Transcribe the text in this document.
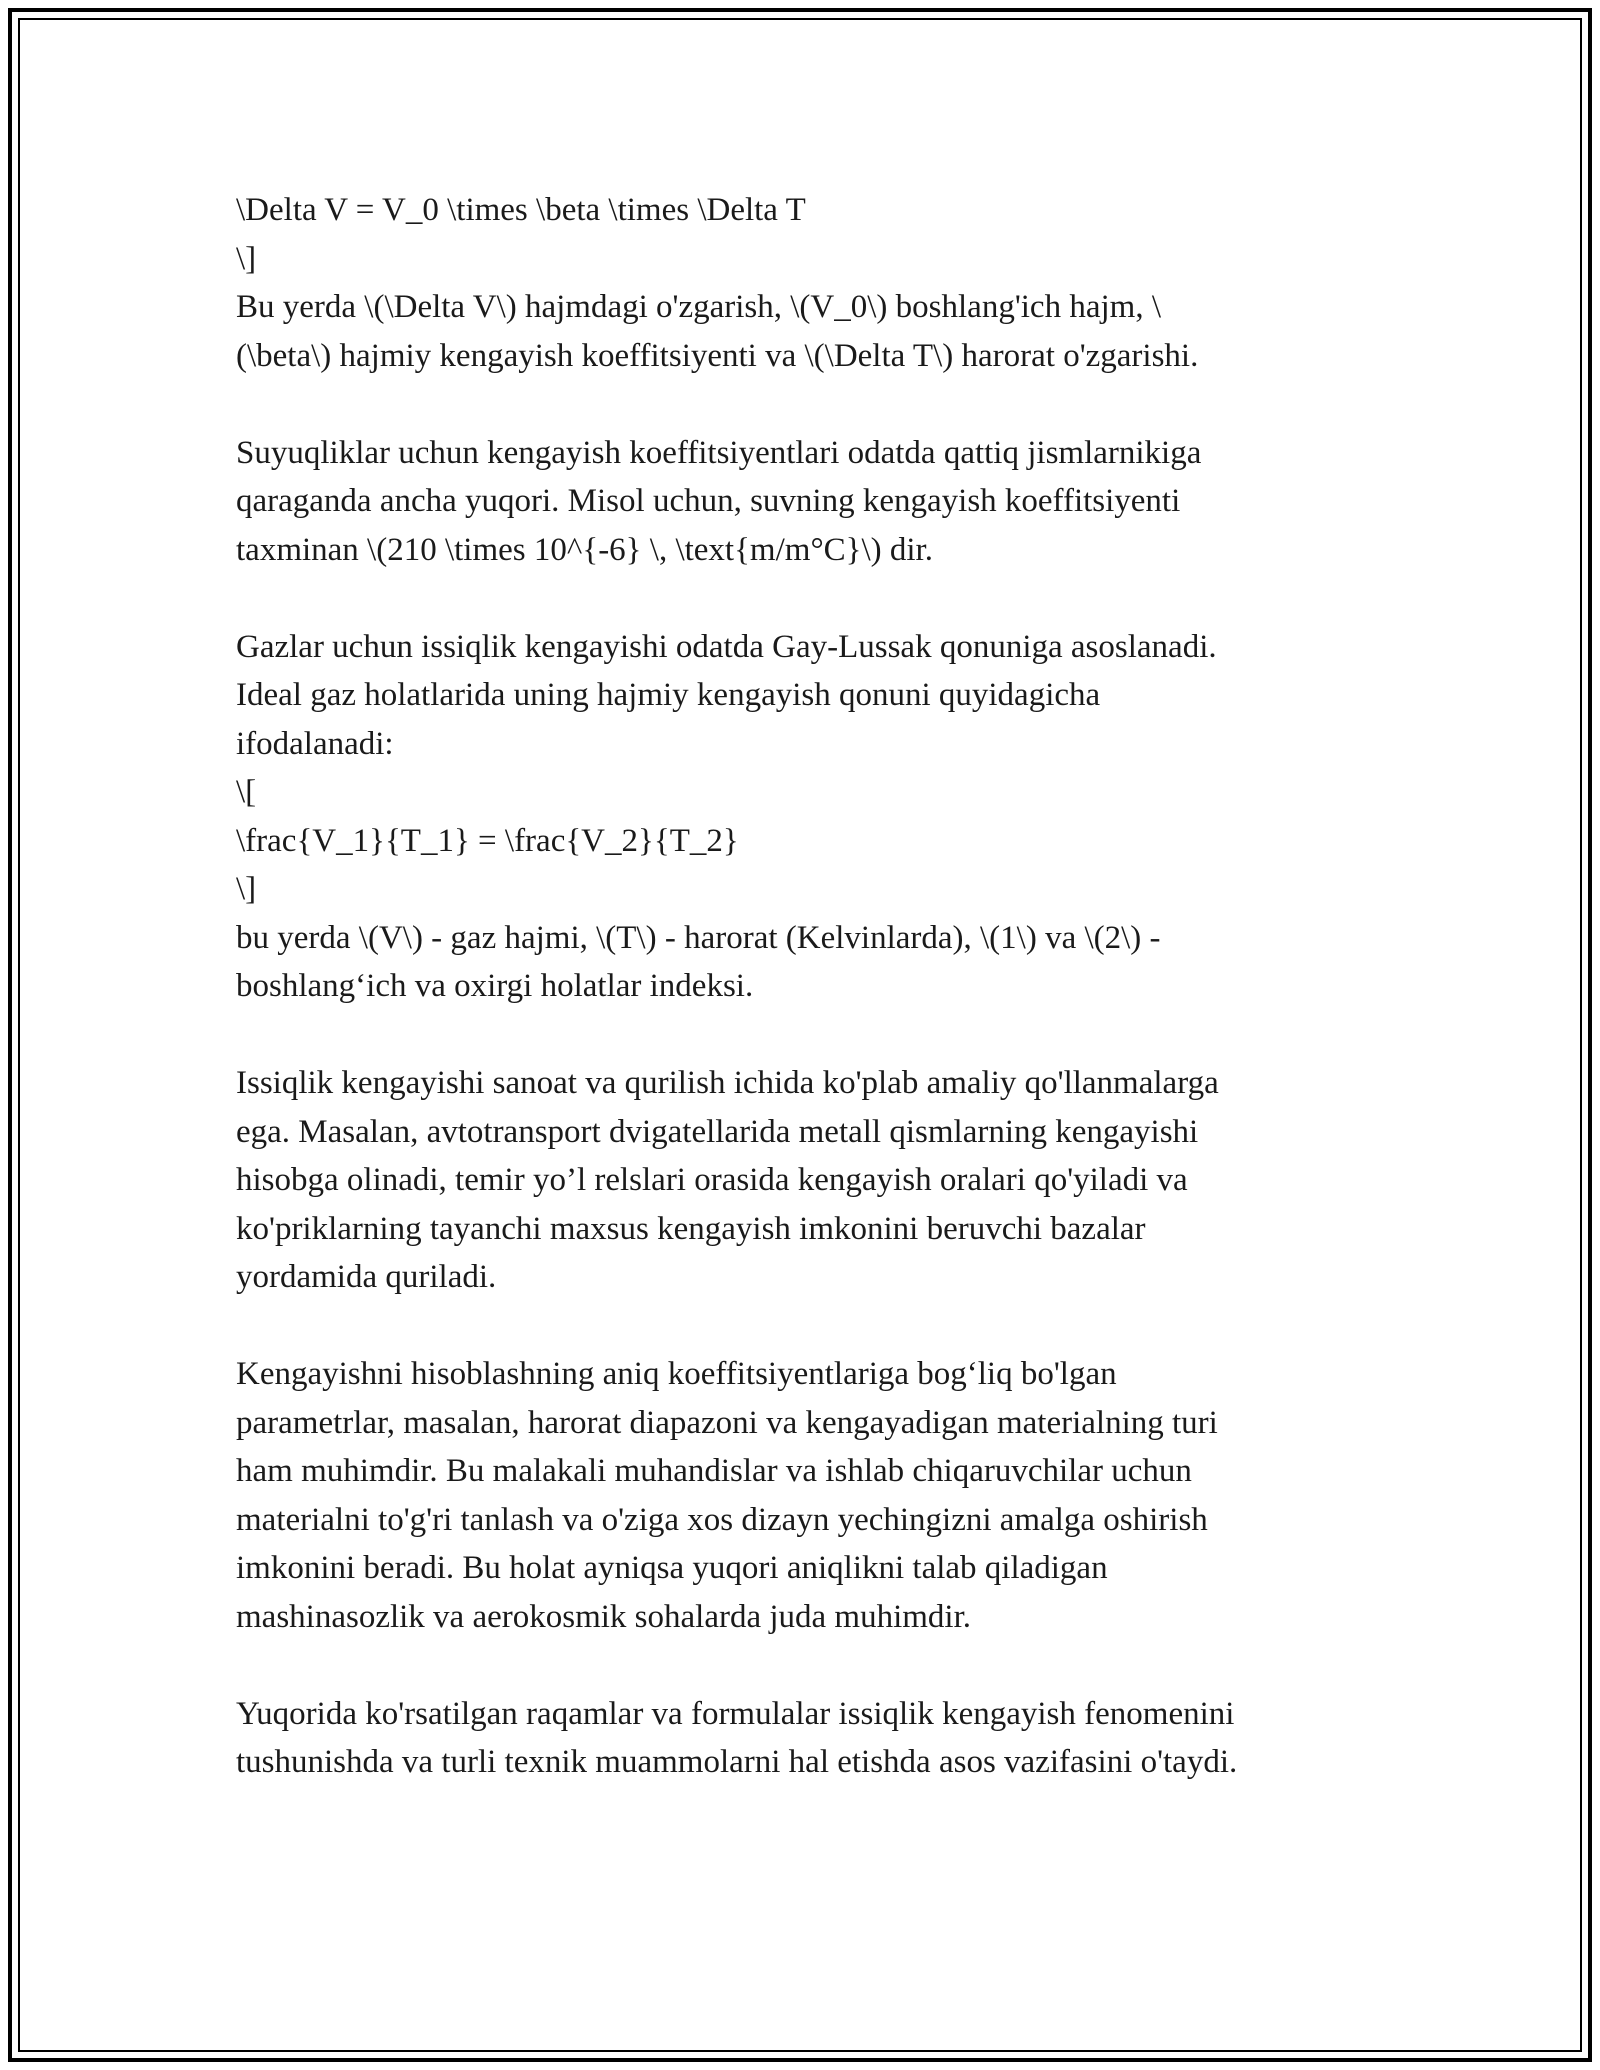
\Delta V = V_0 \times \beta \times \Delta T
\]
Bu yerda \(\Delta V\) hajmdagi o'zgarish, \(V_0\) boshlang'ich hajm, \
(\beta\) hajmiy kengayish koeffitsiyenti va \(\Delta T\) harorat o'zgarishi.
Suyuqliklar uchun kengayish koeffitsiyentlari odatda qattiq jismlarnikiga
qaraganda ancha yuqori. Misol uchun, suvning kengayish koeffitsiyenti
taxminan \(210 \times 10^{-6} \, \text{m/m°C}\) dir.
Gazlar uchun issiqlik kengayishi odatda Gay-Lussak qonuniga asoslanadi.
Ideal gaz holatlarida uning hajmiy kengayish qonuni quyidagicha
ifodalanadi:
\[
\frac{V_1}{T_1} = \frac{V_2}{T_2}
\]
bu yerda \(V\) - gaz hajmi, \(T\) - harorat (Kelvinlarda), \(1\) va \(2\) -
boshlang‘ich va oxirgi holatlar indeksi.
Issiqlik kengayishi sanoat va qurilish ichida ko'plab amaliy qo'llanmalarga
ega. Masalan, avtotransport dvigatellarida metall qismlarning kengayishi
hisobga olinadi, temir yo’l relslari orasida kengayish oralari qo'yiladi va
ko'priklarning tayanchi maxsus kengayish imkonini beruvchi bazalar
yordamida quriladi.
Kengayishni hisoblashning aniq koeffitsiyentlariga bog‘liq bo'lgan
parametrlar, masalan, harorat diapazoni va kengayadigan materialning turi
ham muhimdir. Bu malakali muhandislar va ishlab chiqaruvchilar uchun
materialni to'g'ri tanlash va o'ziga xos dizayn yechingizni amalga oshirish
imkonini beradi. Bu holat ayniqsa yuqori aniqlikni talab qiladigan
mashinasozlik va aerokosmik sohalarda juda muhimdir.
Yuqorida ko'rsatilgan raqamlar va formulalar issiqlik kengayish fenomenini
tushunishda va turli texnik muammolarni hal etishda asos vazifasini o'taydi.
